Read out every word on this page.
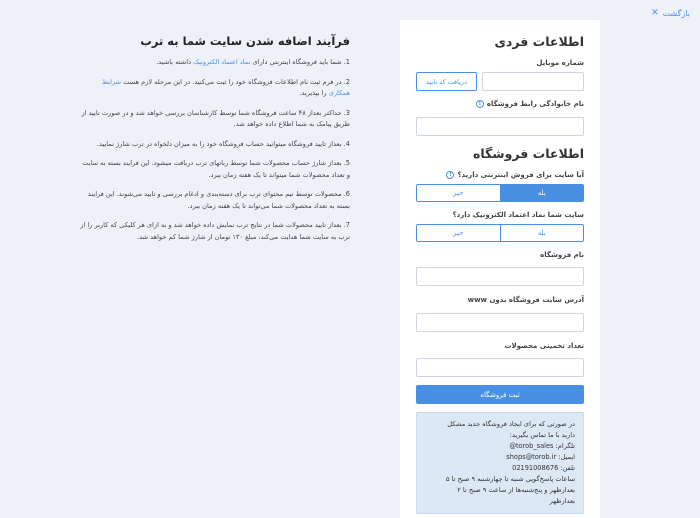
بازگشت
✕
فرآیند اضافه شدن سایت شما به ترب
1. شما باید فروشگاه اینترنتی دارای نماد اعتماد الکترونیک داشته باشید.
2. در فرم ثبت نام اطلاعات فروشگاه خود را ثبت می‌کنید. در این مرحله لازم هست شرایط همکاری را بپذیرید.
3. حداکثر بعداز ۴۸ ساعت فروشگاه شما توسط کارشناسان بررسی خواهد شد و در صورت تایید از طریق پیامک به شما اطلاع داده خواهد شد.
4. بعداز تایید فروشگاه میتوانید حساب فروشگاه خود را به میزان دلخواه در ترب شارژ نمایید.
5. بعداز شارژ حساب محصولات شما توسط رباتهای ترب دریافت میشود. این فرایند بسته به سایت و تعداد محصولات شما میتواند تا یک هفته زمان ببرد.
6. محصولات توسط تیم محتوای ترب برای دسته‌بندی و ادغام بررسی و تایید می‌شوند. این فرایند بسته به تعداد محصولات شما می‌تواند تا یک هفته زمان ببرد.
7. بعداز تایید محصولات شما در نتایج ترب نمایش داده خواهد شد و به ازای هر کلیکی که کاربر را از ترب به سایت شما هدایت می‌کند، مبلغ ۱۳۰ تومان از شارژ شما کم خواهد شد.
اطلاعات فردی
شماره موبایل
دریافت کد تایید
نام خانوادگی رابط فروشگاه
!
اطلاعات فروشگاه
آیا سایت برای فروش اینترنتی دارید؟
!
بله
خیر
سایت شما نماد اعتماد الکترونیک دارد؟
بله
خیر
نام فروشگاه
آدرس سایت فروشگاه بدون www
تعداد تخمینی محصولات
ثبت فروشگاه
در صورتی که برای ایجاد فروشگاه جدید مشکل
دارید با ما تماس بگیرید:
تلگرام: torob_sales@
ایمیل: shops@torob.ir
تلفن: 02191008676
ساعات پاسخ‌گویی شنبه تا چهارشنبه ۹ صبح تا ۵
بعدازظهر و پنج‌شنبه‌ها از ساعت ۹ صبح تا ۲
بعدازظهر
